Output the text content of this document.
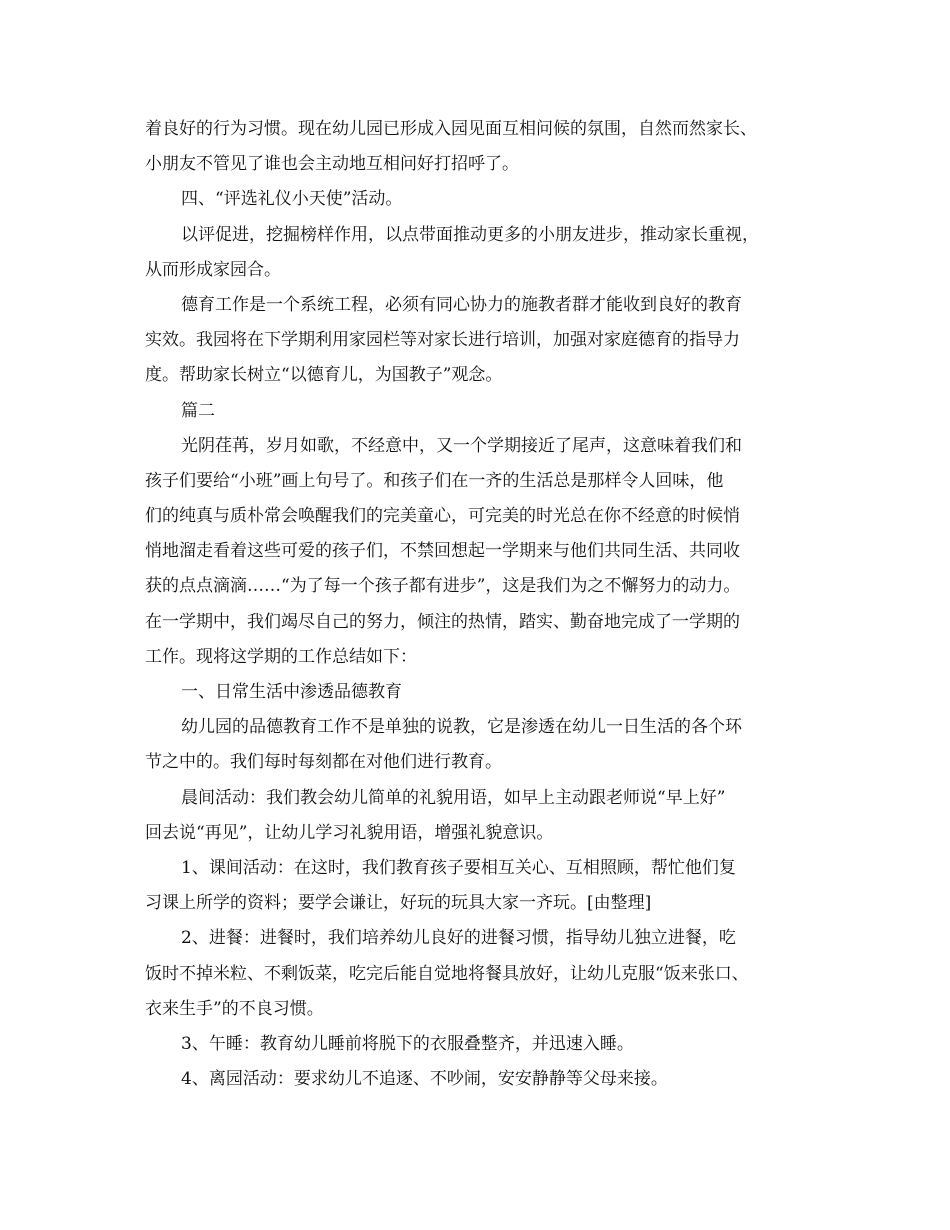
着良好的行为习惯。现在幼儿园已形成入园见面互相问候的氛围，自然而然家长、
小朋友不管见了谁也会主动地互相问好打招呼了。
四、“评选礼仪小天使”活动。
以评促进，挖掘榜样作用，以点带面推动更多的小朋友进步，推动家长重视，
从而形成家园合。
德育工作是一个系统工程，必须有同心协力的施教者群才能收到良好的教育
实效。我园将在下学期利用家园栏等对家长进行培训，加强对家庭德育的指导力
度。帮助家长树立“以德育儿，为国教子”观念。
篇二
光阴荏苒，岁月如歌，不经意中，又一个学期接近了尾声，这意味着我们和
孩子们要给“小班”画上句号了。和孩子们在一齐的生活总是那样令人回味，他
们的纯真与质朴常会唤醒我们的完美童心，可完美的时光总在你不经意的时候悄
悄地溜走看着这些可爱的孩子们，不禁回想起一学期来与他们共同生活、共同收
获的点点滴滴……“为了每一个孩子都有进步”，这是我们为之不懈努力的动力。
在一学期中，我们竭尽自己的努力，倾注的热情，踏实、勤奋地完成了一学期的
工作。现将这学期的工作总结如下：
一、日常生活中渗透品德教育
幼儿园的品德教育工作不是单独的说教，它是渗透在幼儿一日生活的各个环
节之中的。我们每时每刻都在对他们进行教育。
晨间活动：我们教会幼儿简单的礼貌用语，如早上主动跟老师说“早上好”
回去说“再见”，让幼儿学习礼貌用语，增强礼貌意识。
1、课间活动：在这时，我们教育孩子要相互关心、互相照顾，帮忙他们复
习课上所学的资料；要学会谦让，好玩的玩具大家一齐玩。[由整理]
2、进餐：进餐时，我们培养幼儿良好的进餐习惯，指导幼儿独立进餐，吃
饭时不掉米粒、不剩饭菜，吃完后能自觉地将餐具放好，让幼儿克服“饭来张口、
衣来生手”的不良习惯。
3、午睡：教育幼儿睡前将脱下的衣服叠整齐，并迅速入睡。
4、离园活动：要求幼儿不追逐、不吵闹，安安静静等父母来接。
